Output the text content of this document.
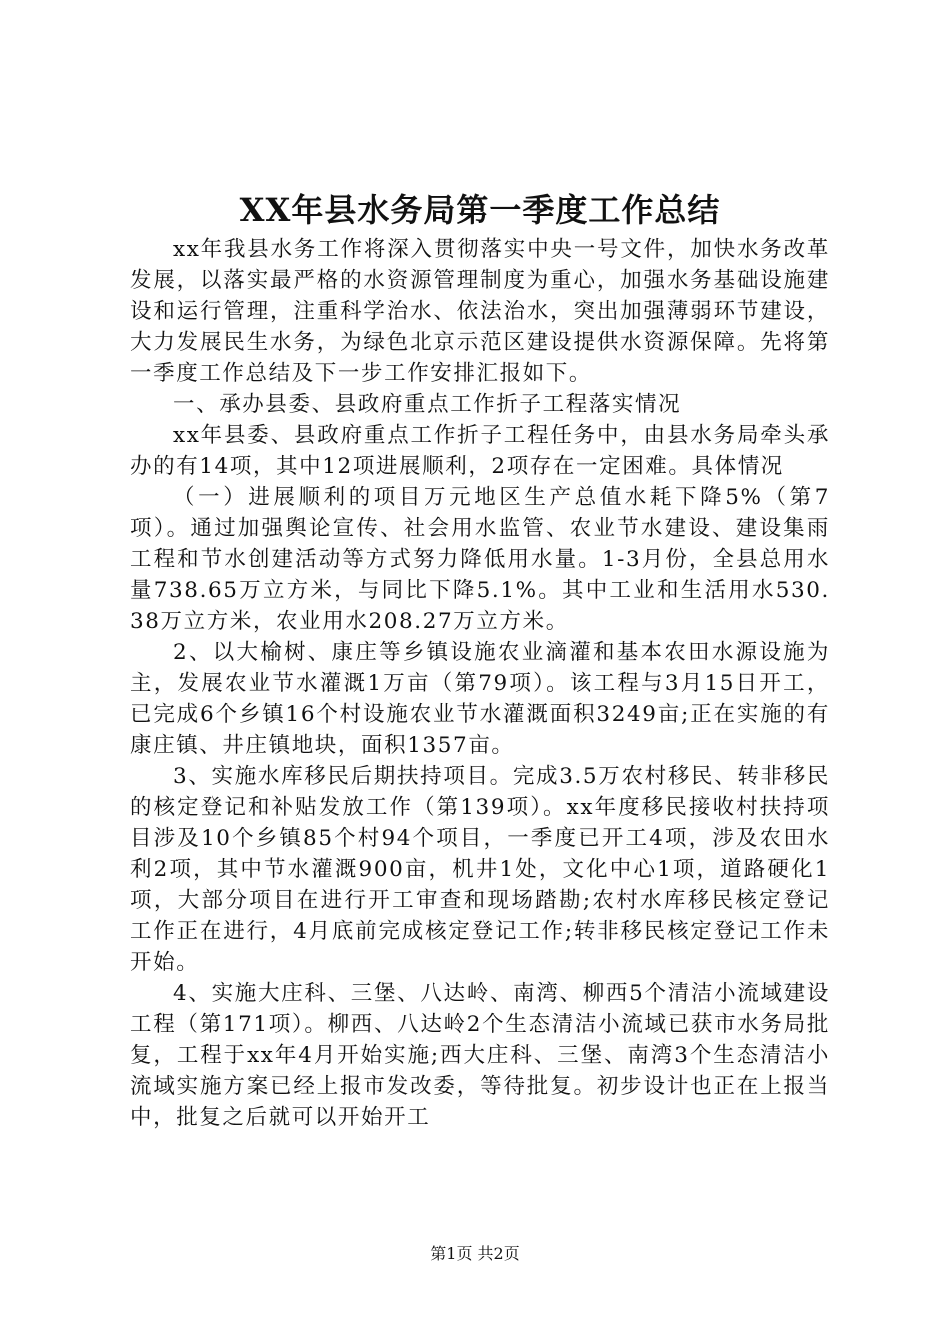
XX年县水务局第一季度工作总结

xx年我县水务工作将深入贯彻落实中央一号文件，加快水务改革发展，以落实最严格的水资源管理制度为重心，加强水务基础设施建设和运行管理，注重科学治水、依法治水，突出加强薄弱环节建设，大力发展民生水务，为绿色北京示范区建设提供水资源保障。先将第一季度工作总结及下一步工作安排汇报如下。

一、承办县委、县政府重点工作折子工程落实情况

xx年县委、县政府重点工作折子工程任务中，由县水务局牵头承办的有14项，其中12项进展顺利，2项存在一定困难。具体情况

（一）进展顺利的项目万元地区生产总值水耗下降5%（第7项）。通过加强舆论宣传、社会用水监管、农业节水建设、建设集雨工程和节水创建活动等方式努力降低用水量。1-3月份，全县总用水量738.65万立方米，与同比下降5.1%。其中工业和生活用水530.38万立方米，农业用水208.27万立方米。

2、以大榆树、康庄等乡镇设施农业滴灌和基本农田水源设施为主，发展农业节水灌溉1万亩（第79项）。该工程与3月15日开工，已完成6个乡镇16个村设施农业节水灌溉面积3249亩;正在实施的有康庄镇、井庄镇地块，面积1357亩。

3、实施水库移民后期扶持项目。完成3.5万农村移民、转非移民的核定登记和补贴发放工作（第139项）。xx年度移民接收村扶持项目涉及10个乡镇85个村94个项目，一季度已开工4项，涉及农田水利2项，其中节水灌溉900亩，机井1处，文化中心1项，道路硬化1项，大部分项目在进行开工审查和现场踏勘;农村水库移民核定登记工作正在进行，4月底前完成核定登记工作;转非移民核定登记工作未开始。

4、实施大庄科、三堡、八达岭、南湾、柳西5个清洁小流域建设工程（第171项）。柳西、八达岭2个生态清洁小流域已获市水务局批复，工程于xx年4月开始实施;西大庄科、三堡、南湾3个生态清洁小流域实施方案已经上报市发改委，等待批复。初步设计也正在上报当中，批复之后就可以开始开工

第1页 共2页
